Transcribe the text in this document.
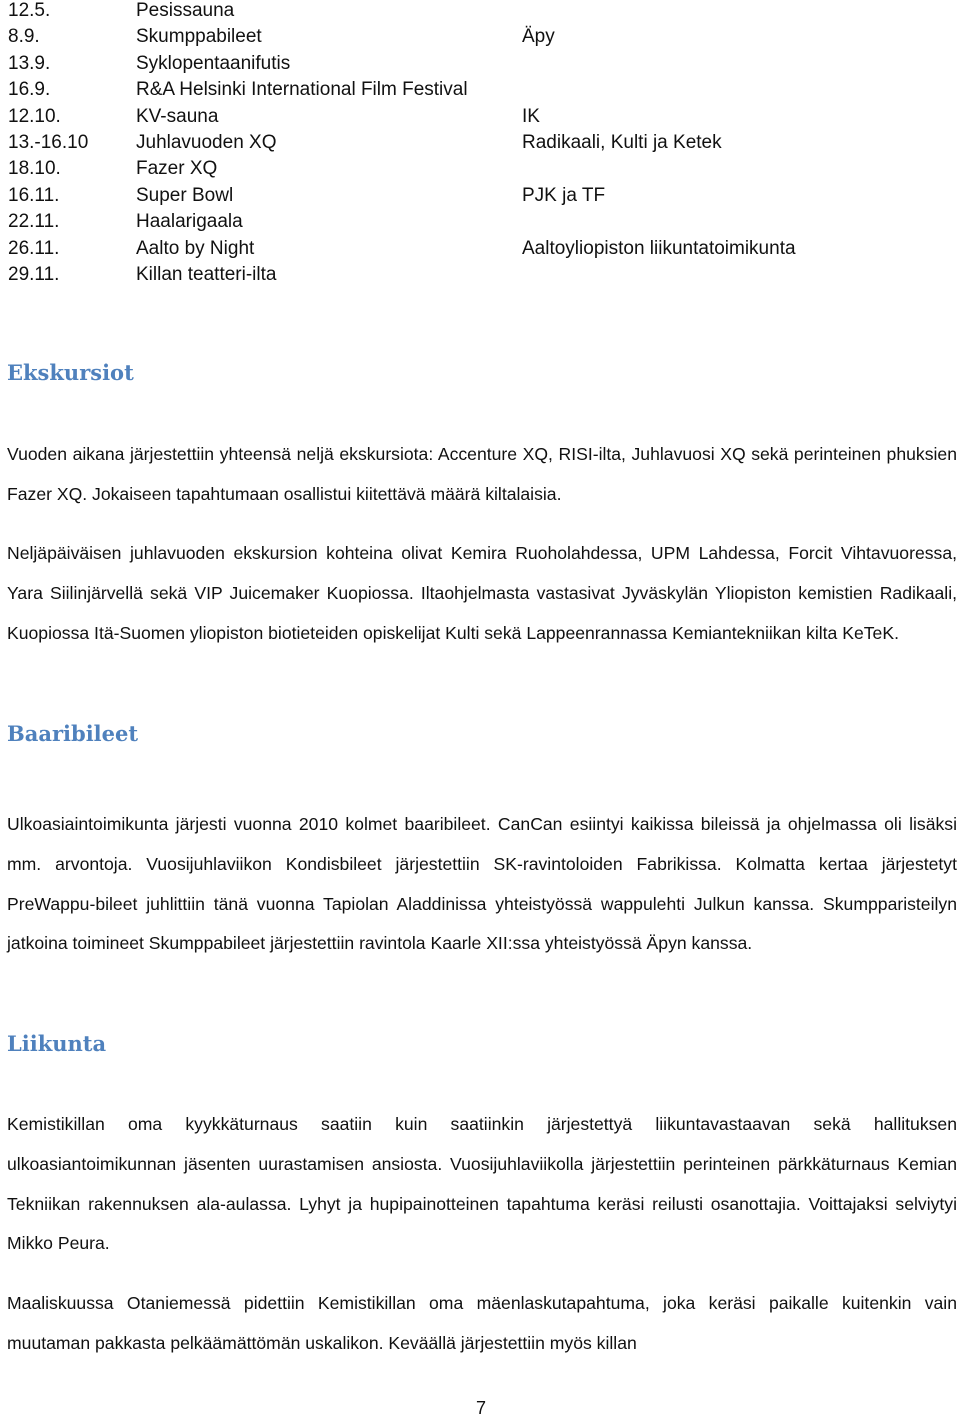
12.5.	Pesissauna
8.9.	Skumppabileet	Äpy
13.9.	Syklopentaanifutis
16.9.	R&A Helsinki International Film Festival
12.10.	KV-sauna	IK
13.-16.10	Juhlavuoden XQ	Radikaali, Kulti ja Ketek
18.10.	Fazer XQ
16.11.	Super Bowl	PJK ja TF
22.11.	Haalarigaala
26.11.	Aalto by Night	Aaltoyliopiston liikuntatoimikunta
29.11.	Killan teatteri-ilta
Ekskursiot

Vuoden aikana järjestettiin yhteensä neljä ekskursiota: Accenture XQ, RISI-ilta, Juhlavuosi XQ sekä perinteinen phuksien Fazer XQ. Jokaiseen tapahtumaan osallistui kiitettävä määrä kiltalaisia.

Neljäpäiväisen juhlavuoden ekskursion kohteina olivat Kemira Ruoholahdessa, UPM Lahdessa, Forcit Vihtavuoressa, Yara Siilinjärvellä sekä VIP Juicemaker Kuopiossa. Iltaohjelmasta vastasivat Jyväskylän Yliopiston kemistien Radikaali, Kuopiossa Itä-Suomen yliopiston biotieteiden opiskelijat Kulti sekä Lappeenrannassa Kemiantekniikan kilta KeTeK.

Baaribileet

Ulkoasiaintoimikunta järjesti vuonna 2010 kolmet baaribileet. CanCan esiintyi kaikissa bileissä ja ohjelmassa oli lisäksi mm. arvontoja. Vuosijuhlaviikon Kondisbileet järjestettiin SK-ravintoloiden Fabrikissa. Kolmatta kertaa järjestetyt PreWappu-bileet juhlittiin tänä vuonna Tapiolan Aladdinissa yhteistyössä wappulehti Julkun kanssa. Skumpparisteilyn jatkoina toimineet Skumppabileet järjestettiin ravintola Kaarle XII:ssa yhteistyössä Äpyn kanssa.

Liikunta

Kemistikillan oma kyykkäturnaus saatiin kuin saatiinkin järjestettyä liikuntavastaavan sekä hallituksen ulkoasiantoimikunnan jäsenten uurastamisen ansiosta. Vuosijuhlaviikolla järjestettiin perinteinen pärkkäturnaus Kemian Tekniikan rakennuksen ala-aulassa. Lyhyt ja hupipainotteinen tapahtuma keräsi reilusti osanottajia. Voittajaksi selviytyi Mikko Peura.

Maaliskuussa Otaniemessä pidettiin Kemistikillan oma mäenlaskutapahtuma, joka keräsi paikalle kuitenkin vain muutaman pakkasta pelkäämättömän uskalikon. Keväällä järjestettiin myös killan

7
